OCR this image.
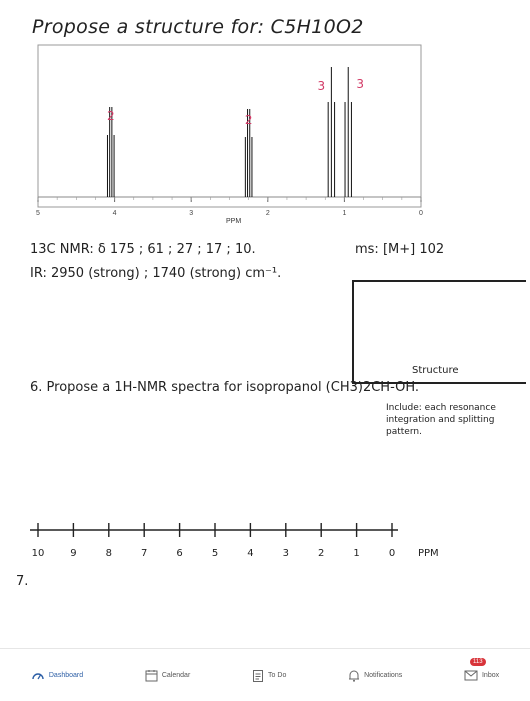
Propose a structure for: C5H10O2
5	4	3	2	1	0
2	2
3	3
PPM
13C NMR: δ 175 ; 61 ; 27 ; 17 ; 10.	ms: [M+] 102
IR: 2950 (strong) ; 1740 (strong) cm⁻¹.
Structure
6. Propose a 1H-NMR spectra for isopropanol (CH3)2CH-OH.
Include: each resonance integration and splitting pattern.
10	9	8	7	6	5	4	3	2	1	0 PPM
7.
Dashboard	Calendar	To Do	Notifications
113
Inbox
